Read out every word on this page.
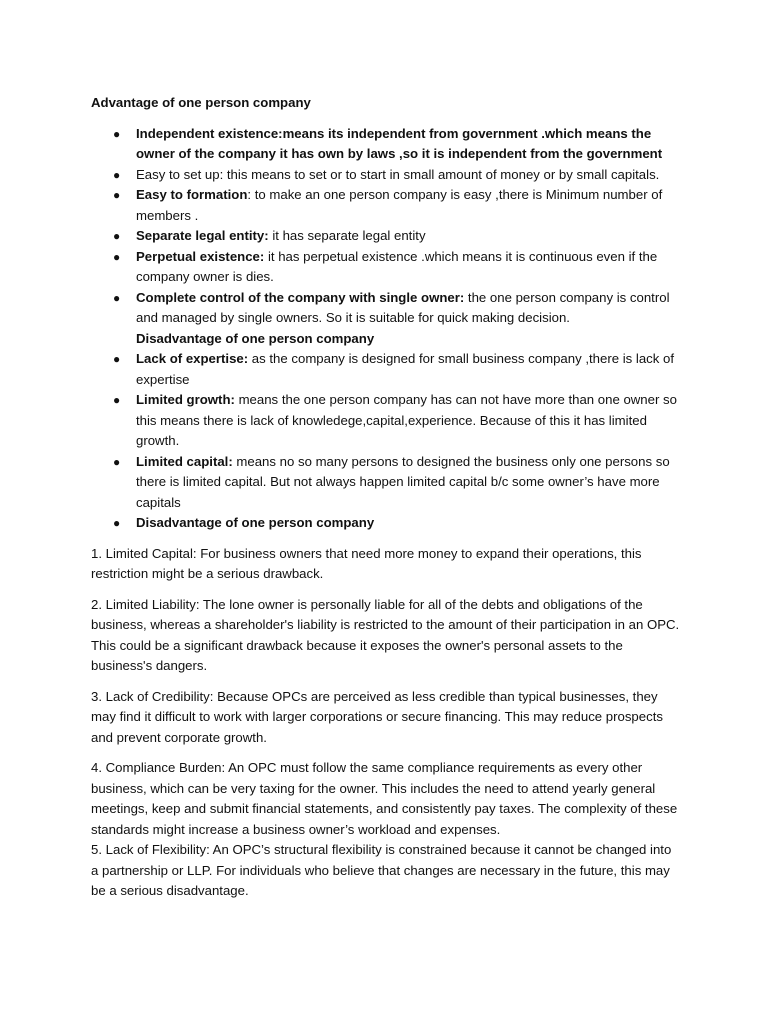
Advantage of one person company
● Independent existence:means its independent from government .which means the owner of the company it has own by laws ,so it is independent from the government
● Easy to set up: this means to set or to start in small amount of money or by small capitals.
● Easy to formation: to make an one person company is easy ,there is Minimum number of members .
● Separate legal entity: it has separate legal entity
● Perpetual existence: it has perpetual existence .which means it is continuous even if the company owner is dies.
● Complete control of the company with single owner: the one person company is control and managed by single owners. So it is suitable for quick making decision.
Disadvantage of one person company
● Lack of expertise: as the company is designed for small business company ,there is lack of expertise
● Limited growth: means the one person company has can not have more than one owner so this means there is lack of knowledege,capital,experience. Because of this it has limited growth.
● Limited capital: means no so many persons to designed the business only one persons so there is limited capital. But not always happen limited capital b/c some owner’s have more capitals
● Disadvantage of one person company

1. Limited Capital: For business owners that need more money to expand their operations, this restriction might be a serious drawback.

2. Limited Liability: The lone owner is personally liable for all of the debts and obligations of the business, whereas a shareholder's liability is restricted to the amount of their participation in an OPC. This could be a significant drawback because it exposes the owner's personal assets to the business's dangers.

3. Lack of Credibility: Because OPCs are perceived as less credible than typical businesses, they may find it difficult to work with larger corporations or secure financing. This may reduce prospects and prevent corporate growth.

4. Compliance Burden: An OPC must follow the same compliance requirements as every other business, which can be very taxing for the owner. This includes the need to attend yearly general meetings, keep and submit financial statements, and consistently pay taxes. The complexity of these standards might increase a business owner’s workload and expenses.

5. Lack of Flexibility: An OPC’s structural flexibility is constrained because it cannot be changed into a partnership or LLP. For individuals who believe that changes are necessary in the future, this may be a serious disadvantage.
